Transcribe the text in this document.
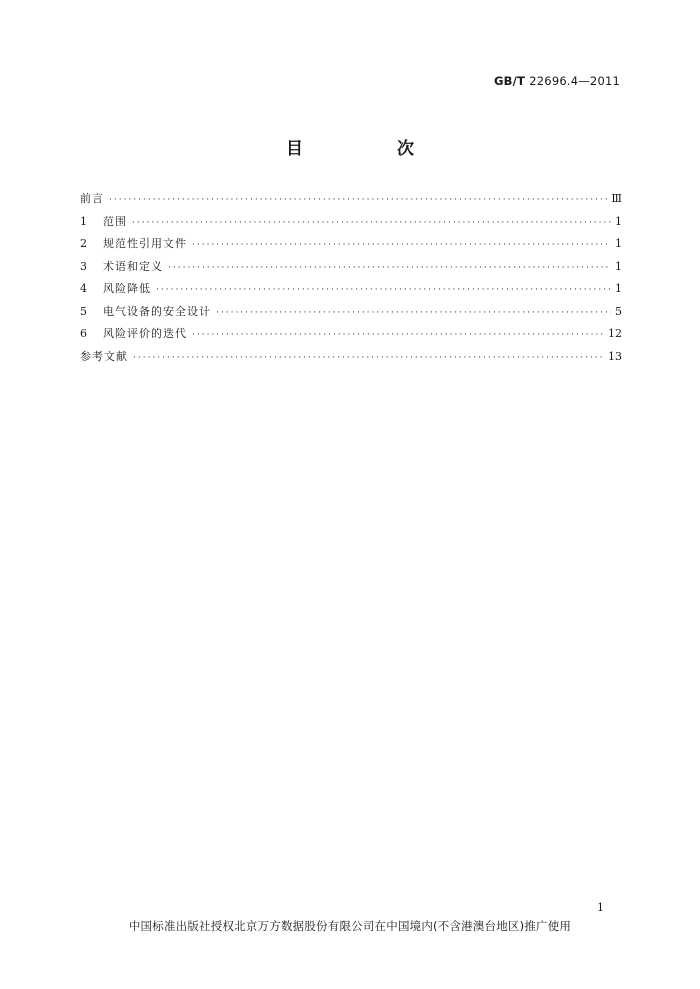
GB/T 22696.4—2011
目 次
前言 ·····	Ⅲ
1	范围 ·····	1
2	规范性引用文件 ·····	1
3	术语和定义 ·····	1
4	风险降低 ·····	1
5	电气设备的安全设计 ·····	5
6	风险评价的迭代 ·····	12
参考文献 ·····	13
1
中国标准出版社授权北京万方数据股份有限公司在中国境内(不含港澳台地区)推广使用
